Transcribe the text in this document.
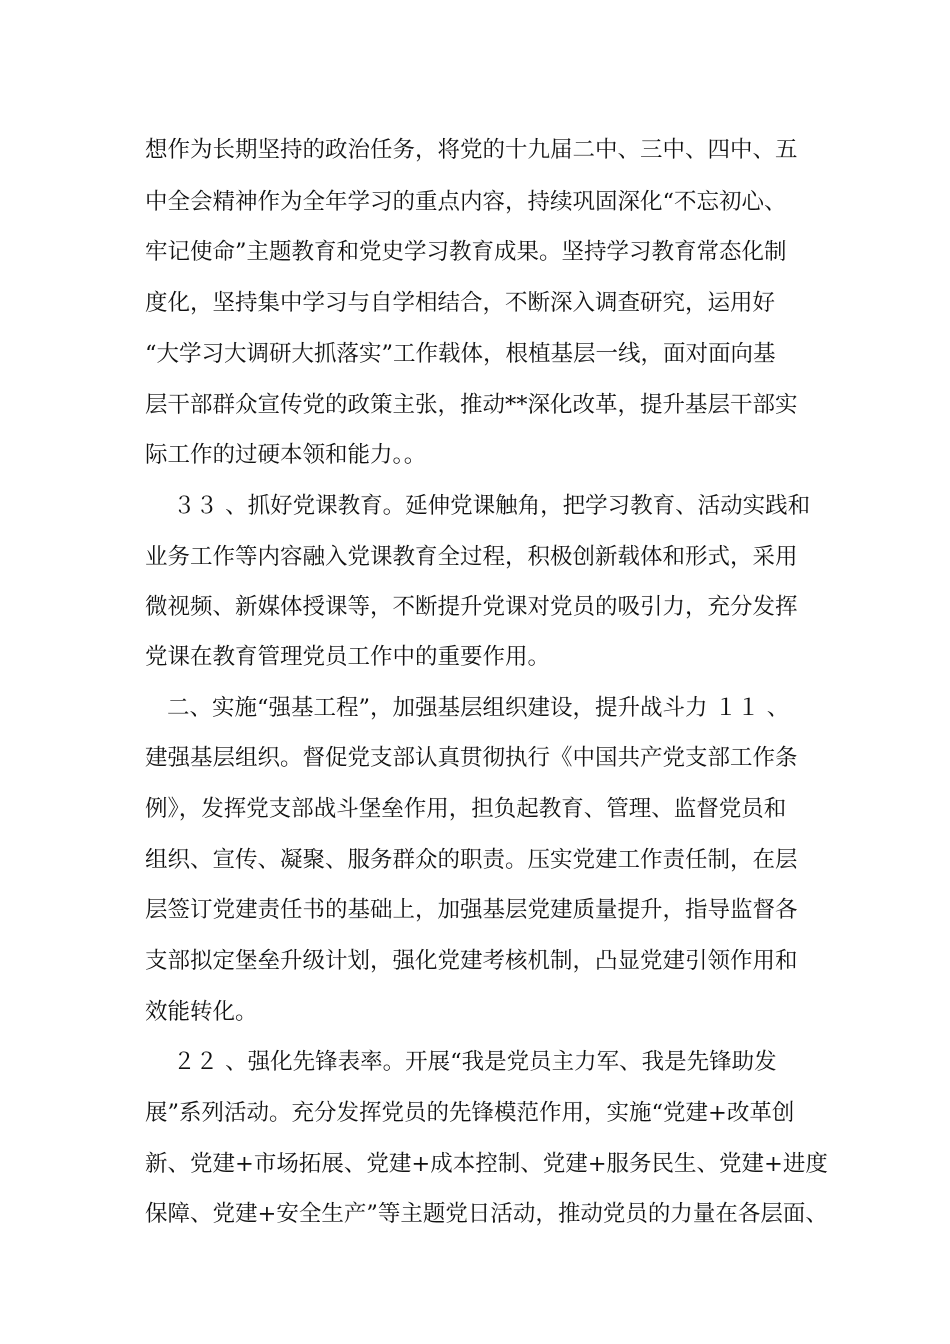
想作为长期坚持的政治任务，将党的十九届二中、三中、四中、五
中全会精神作为全年学习的重点内容，持续巩固深化“不忘初心、
牢记使命”主题教育和党史学习教育成果。坚持学习教育常态化制
度化，坚持集中学习与自学相结合，不断深入调查研究，运用好
“大学习大调研大抓落实”工作载体，根植基层一线，面对面向基
层干部群众宣传党的政策主张，推动**深化改革，提升基层干部实
际工作的过硬本领和能力。。
３３ 、抓好党课教育。延伸党课触角，把学习教育、活动实践和
业务工作等内容融入党课教育全过程，积极创新载体和形式，采用
微视频、新媒体授课等，不断提升党课对党员的吸引力，充分发挥
党课在教育管理党员工作中的重要作用。
二、实施“强基工程”，加强基层组织建设，提升战斗力 １１ 、
建强基层组织。督促党支部认真贯彻执行《中国共产党支部工作条
例》，发挥党支部战斗堡垒作用，担负起教育、管理、监督党员和
组织、宣传、凝聚、服务群众的职责。压实党建工作责任制，在层
层签订党建责任书的基础上，加强基层党建质量提升，指导监督各
支部拟定堡垒升级计划，强化党建考核机制，凸显党建引领作用和
效能转化。
２２ 、强化先锋表率。开展“我是党员主力军、我是先锋助发
展”系列活动。充分发挥党员的先锋模范作用，实施“党建+改革创
新、党建+市场拓展、党建+成本控制、党建+服务民生、党建+进度
保障、党建+安全生产”等主题党日活动，推动党员的力量在各层面、
